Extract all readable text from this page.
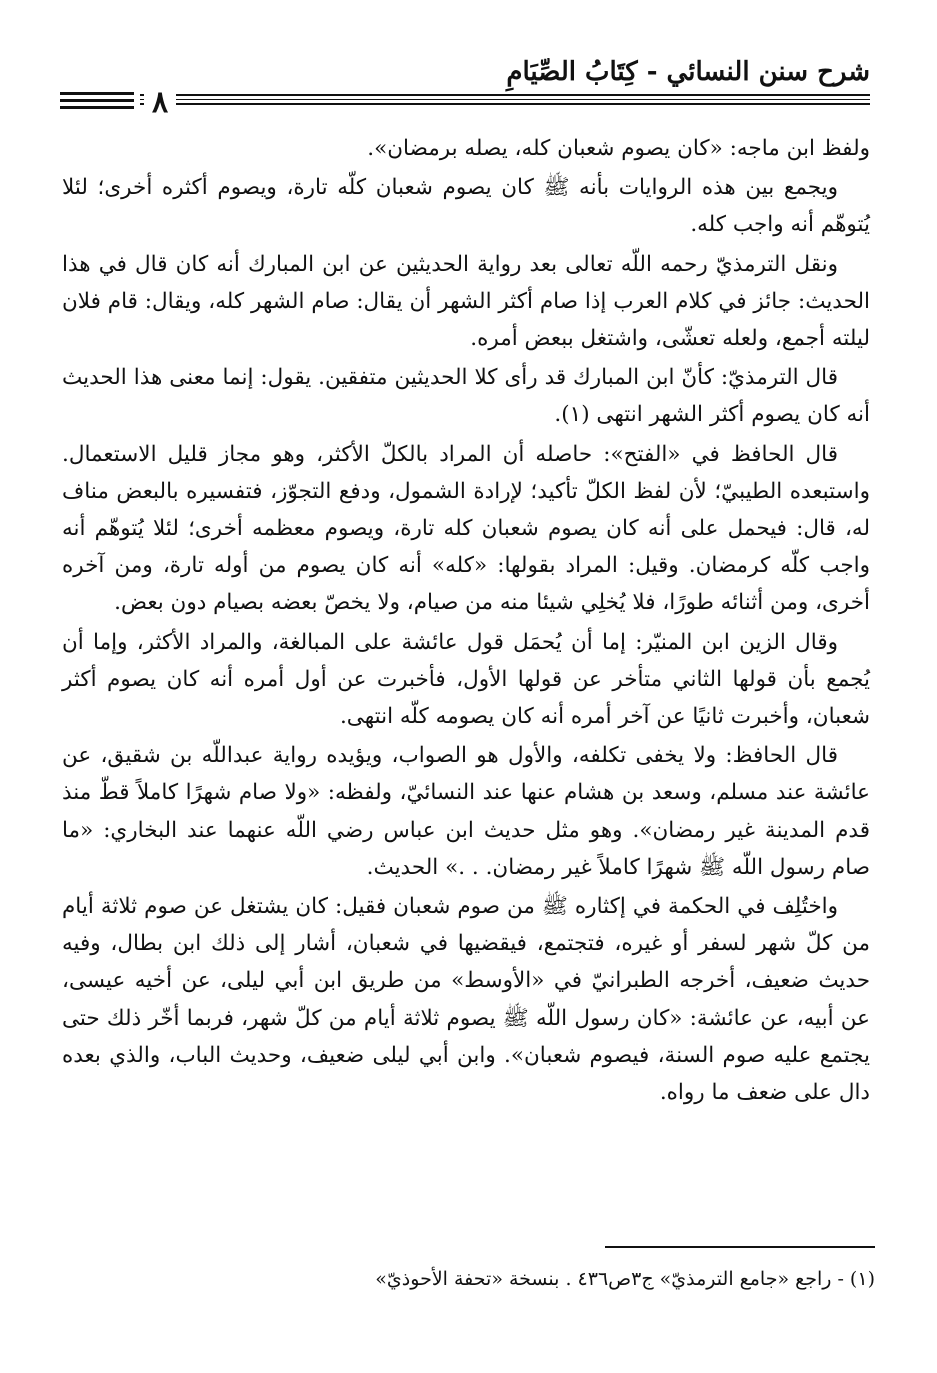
شرح سنن النسائي - كِتَابُ الصِّيَامِ
٨

ولفظ ابن ماجه: «كان يصوم شعبان كله، يصله برمضان».

ويجمع بين هذه الروايات بأنه ﷺ كان يصوم شعبان كلّه تارة، ويصوم أكثره أخرى؛ لئلا يُتوهّم أنه واجب كله.

ونقل الترمذيّ رحمه اللّه تعالى بعد رواية الحديثين عن ابن المبارك أنه كان قال في هذا الحديث: جائز في كلام العرب إذا صام أكثر الشهر أن يقال: صام الشهر كله، ويقال: قام فلان ليلته أجمع، ولعله تعشّى، واشتغل ببعض أمره.

قال الترمذيّ: كأنّ ابن المبارك قد رأى كلا الحديثين متفقين. يقول: إنما معنى هذا الحديث أنه كان يصوم أكثر الشهر انتهى (١).

قال الحافظ في «الفتح»: حاصله أن المراد بالكلّ الأكثر، وهو مجاز قليل الاستعمال. واستبعده الطيبيّ؛ لأن لفظ الكلّ تأكيد؛ لإرادة الشمول، ودفع التجوّز، فتفسيره بالبعض مناف له، قال: فيحمل على أنه كان يصوم شعبان كله تارة، ويصوم معظمه أخرى؛ لئلا يُتوهّم أنه واجب كلّه كرمضان. وقيل: المراد بقولها: «كله» أنه كان يصوم من أوله تارة، ومن آخره أخرى، ومن أثنائه طورًا، فلا يُخلِي شيئا منه من صيام، ولا يخصّ بعضه بصيام دون بعض.

وقال الزين ابن المنيّر: إما أن يُحمَل قول عائشة على المبالغة، والمراد الأكثر، وإما أن يُجمع بأن قولها الثاني متأخر عن قولها الأول، فأخبرت عن أول أمره أنه كان يصوم أكثر شعبان، وأخبرت ثانيًا عن آخر أمره أنه كان يصومه كلّه انتهى.

قال الحافظ: ولا يخفى تكلفه، والأول هو الصواب، ويؤيده رواية عبداللّه بن شقيق، عن عائشة عند مسلم، وسعد بن هشام عنها عند النسائيّ، ولفظه: «ولا صام شهرًا كاملاً قطّ منذ قدم المدينة غير رمضان». وهو مثل حديث ابن عباس رضي اللّه عنهما عند البخاري: «ما صام رسول اللّه ﷺ شهرًا كاملاً غير رمضان. . .» الحديث.

واختُلِف في الحكمة في إكثاره ﷺ من صوم شعبان فقيل: كان يشتغل عن صوم ثلاثة أيام من كلّ شهر لسفر أو غيره، فتجتمع، فيقضيها في شعبان، أشار إلى ذلك ابن بطال، وفيه حديث ضعيف، أخرجه الطبرانيّ في «الأوسط» من طريق ابن أبي ليلى، عن أخيه عيسى، عن أبيه، عن عائشة: «كان رسول اللّه ﷺ يصوم ثلاثة أيام من كلّ شهر، فربما أخّر ذلك حتى يجتمع عليه صوم السنة، فيصوم شعبان». وابن أبي ليلى ضعيف، وحديث الباب، والذي بعده دال على ضعف ما رواه.

(١) - راجع «جامع الترمذيّ» ج٣ص٤٣٦ . بنسخة «تحفة الأحوذيّ»
